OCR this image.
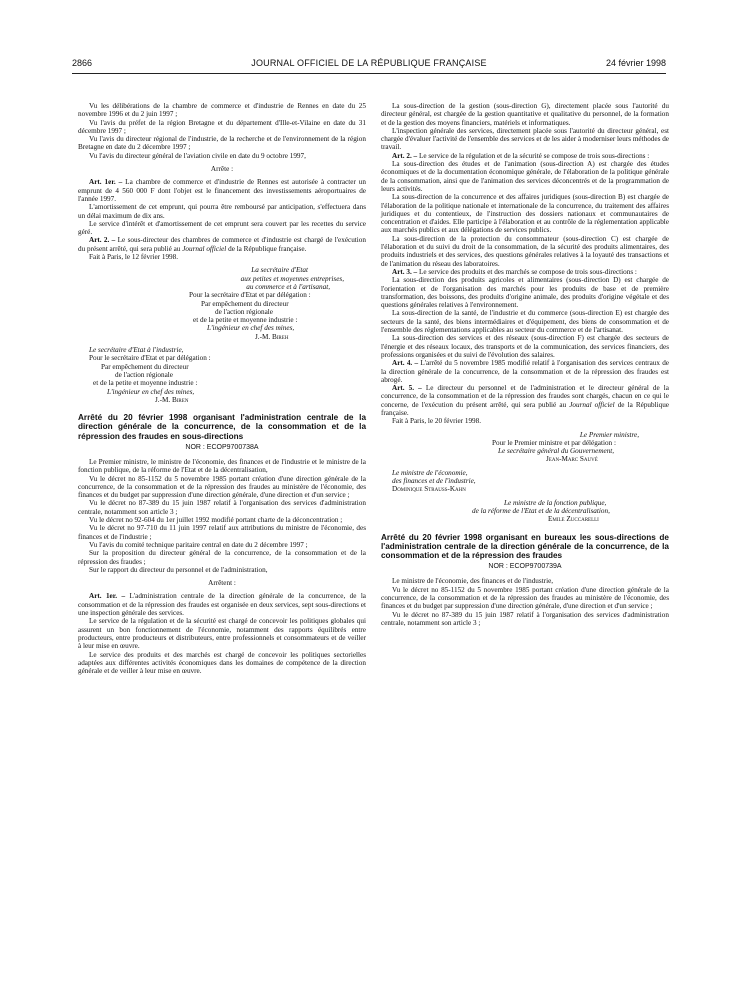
2866	JOURNAL OFFICIEL DE LA RÉPUBLIQUE FRANÇAISE	24 février 1998

Vu les délibérations de la chambre de commerce et d'industrie de Rennes en date du 25 novembre 1996 et du 2 juin 1997 ;

Vu l'avis du préfet de la région Bretagne et du département d'Ille-et-Vilaine en date du 31 décembre 1997 ;

Vu l'avis du directeur régional de l'industrie, de la recherche et de l'environnement de la région Bretagne en date du 2 décembre 1997 ;

Vu l'avis du directeur général de l'aviation civile en date du 9 octobre 1997,

Arrête :

Art. 1er. – La chambre de commerce et d'industrie de Rennes est autorisée à contracter un emprunt de 4 560 000 F dont l'objet est le financement des investissements aéroportuaires de l'année 1997.

L'amortissement de cet emprunt, qui pourra être remboursé par anticipation, s'effectuera dans un délai maximum de dix ans.

Le service d'intérêt et d'amortissement de cet emprunt sera couvert par les recettes du service géré.

Art. 2. – Le sous-directeur des chambres de commerce et d'industrie est chargé de l'exécution du présent arrêté, qui sera publié au Journal officiel de la République française.

Fait à Paris, le 12 février 1998.

La secrétaire d'Etat

aux petites et moyennes entreprises,

au commerce et à l'artisanat,

Pour la secrétaire d'Etat et par délégation :

Par empêchement du directeur

de l'action régionale

et de la petite et moyenne industrie :

L'ingénieur en chef des mines,

J.-M. Birен

Le secrétaire d'Etat à l'industrie,

Pour le secrétaire d'Etat et par délégation :

Par empêchement du directeur

de l'action régionale

et de la petite et moyenne industrie :

L'ingénieur en chef des mines,

J.-M. Biren

Arrêté du 20 février 1998 organisant l'administration centrale de la direction générale de la concurrence, de la consommation et de la répression des fraudes en sous-directions

NOR : ECOP9700738A

Le Premier ministre, le ministre de l'économie, des finances et de l'industrie et le ministre de la fonction publique, de la réforme de l'Etat et de la décentralisation,

Vu le décret no 85-1152 du 5 novembre 1985 portant création d'une direction générale de la concurrence, de la consommation et de la répression des fraudes au ministère de l'économie, des finances et du budget par suppression d'une direction générale, d'une direction et d'un service ;

Vu le décret no 87-389 du 15 juin 1987 relatif à l'organisation des services d'administration centrale, notamment son article 3 ;

Vu le décret no 92-604 du 1er juillet 1992 modifié portant charte de la déconcentration ;

Vu le décret no 97-710 du 11 juin 1997 relatif aux attributions du ministre de l'économie, des finances et de l'industrie ;

Vu l'avis du comité technique paritaire central en date du 2 décembre 1997 ;

Sur la proposition du directeur général de la concurrence, de la consommation et de la répression des fraudes ;

Sur le rapport du directeur du personnel et de l'administration,

Arrêtent :

Art. 1er. – L'administration centrale de la direction générale de la concurrence, de la consommation et de la répression des fraudes est organisée en deux services, sept sous-directions et une inspection générale des services.

Le service de la régulation et de la sécurité est chargé de concevoir les politiques globales qui assurent un bon fonctionnement de l'économie, notamment des rapports équilibrés entre producteurs, entre producteurs et distributeurs, entre professionnels et consommateurs et de veiller à leur mise en œuvre.

Le service des produits et des marchés est chargé de concevoir les politiques sectorielles adaptées aux différentes activités économiques dans les domaines de compétence de la direction générale et de veiller à leur mise en œuvre.

La sous-direction de la gestion (sous-direction G), directement placée sous l'autorité du directeur général, est chargée de la gestion quantitative et qualitative du personnel, de la formation et de la gestion des moyens financiers, matériels et informatiques.

L'inspection générale des services, directement placée sous l'autorité du directeur général, est chargée d'évaluer l'activité de l'ensemble des services et de les aider à moderniser leurs méthodes de travail.

Art. 2. – Le service de la régulation et de la sécurité se compose de trois sous-directions :

La sous-direction des études et de l'animation (sous-direction A) est chargée des études économiques et de la documentation économique générale, de l'élaboration de la politique générale de la consommation, ainsi que de l'animation des services déconcentrés et de la programmation de leurs activités.

La sous-direction de la concurrence et des affaires juridiques (sous-direction B) est chargée de l'élaboration de la politique nationale et internationale de la concurrence, du traitement des affaires juridiques et du contentieux, de l'instruction des dossiers nationaux et communautaires de concentration et d'aides. Elle participe à l'élaboration et au contrôle de la réglementation applicable aux marchés publics et aux délégations de services publics.

La sous-direction de la protection du consommateur (sous-direction C) est chargée de l'élaboration et du suivi du droit de la consommation, de la sécurité des produits alimentaires, des produits industriels et des services, des questions générales relatives à la loyauté des transactions et de l'animation du réseau des laboratoires.

Art. 3. – Le service des produits et des marchés se compose de trois sous-directions :

La sous-direction des produits agricoles et alimentaires (sous-direction D) est chargée de l'orientation et de l'organisation des marchés pour les produits de base et de première transformation, des boissons, des produits d'origine animale, des produits d'origine végétale et des questions générales relatives à l'environnement.

La sous-direction de la santé, de l'industrie et du commerce (sous-direction E) est chargée des secteurs de la santé, des biens intermédiaires et d'équipement, des biens de consommation et de l'ensemble des réglementations applicables au secteur du commerce et de l'artisanat.

La sous-direction des services et des réseaux (sous-direction F) est chargée des secteurs de l'énergie et des réseaux locaux, des transports et de la communication, des services financiers, des professions organisées et du suivi de l'évolution des salaires.

Art. 4. – L'arrêté du 5 novembre 1985 modifié relatif à l'organisation des services centraux de la direction générale de la concurrence, de la consommation et de la répression des fraudes est abrogé.

Art. 5. – Le directeur du personnel et de l'administration et le directeur général de la concurrence, de la consommation et de la répression des fraudes sont chargés, chacun en ce qui le concerne, de l'exécution du présent arrêté, qui sera publié au Journal officiel de la République française.

Fait à Paris, le 20 février 1998.

Le Premier ministre,

Pour le Premier ministre et par délégation :

Le secrétaire général du Gouvernement,

Jean-Marc Sauvé

Le ministre de l'économie,

des finances et de l'industrie,

Dominique Strauss-Kahn

Le ministre de la fonction publique,

de la réforme de l'Etat et de la décentralisation,

Emile Zuccarelli

Arrêté du 20 février 1998 organisant en bureaux les sous-directions de l'administration centrale de la direction générale de la concurrence, de la consommation et de la répression des fraudes

NOR : ECOP9700739A

Le ministre de l'économie, des finances et de l'industrie,

Vu le décret no 85-1152 du 5 novembre 1985 portant création d'une direction générale de la concurrence, de la consommation et de la répression des fraudes au ministère de l'économie, des finances et du budget par suppression d'une direction générale, d'une direction et d'un service ;

Vu le décret no 87-389 du 15 juin 1987 relatif à l'organisation des services d'administration centrale, notamment son article 3 ;
